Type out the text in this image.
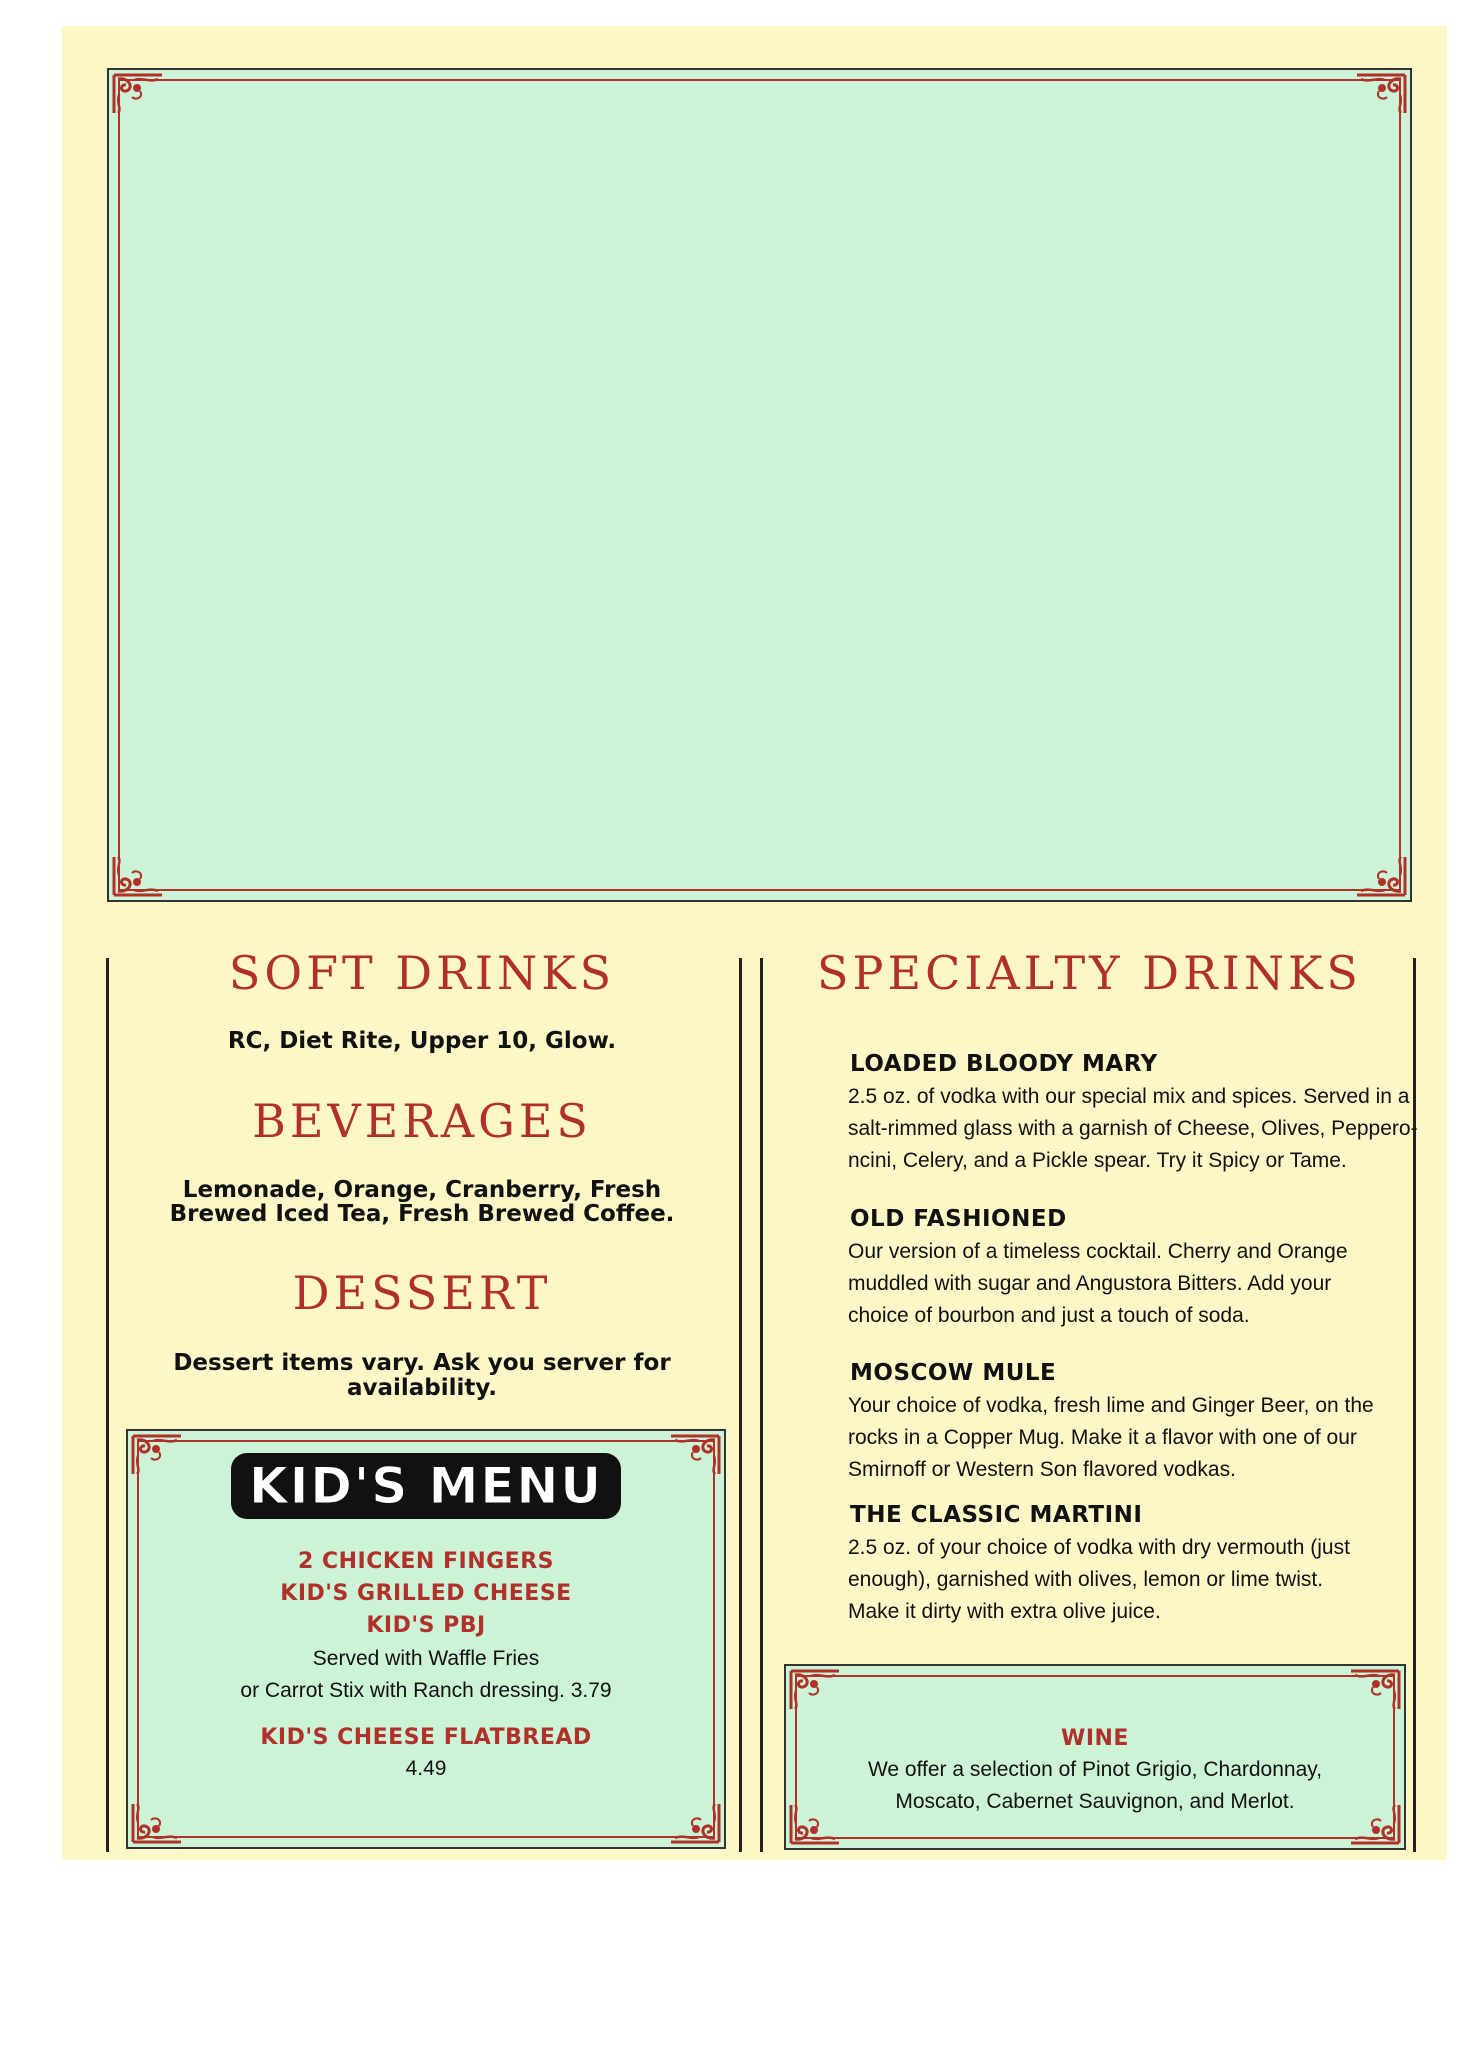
SOFT DRINKS
RC, Diet Rite, Upper 10, Glow.
BEVERAGES
Lemonade, Orange, Cranberry, Fresh
Brewed Iced Tea, Fresh Brewed Coffee.
DESSERT
Dessert items vary. Ask you server for
availability.
KID'S MENU
2 CHICKEN FINGERS
KID'S GRILLED CHEESE
KID'S PBJ
Served with Waffle Fries
or Carrot Stix with Ranch dressing. 3.79
KID'S CHEESE FLATBREAD
4.49
SPECIALTY DRINKS
LOADED BLOODY MARY
2.5 oz. of vodka with our special mix and spices. Served in a
salt-rimmed glass with a garnish of Cheese, Olives, Peppero-
ncini, Celery, and a Pickle spear. Try it Spicy or Tame.
OLD FASHIONED
Our version of a timeless cocktail. Cherry and Orange
muddled with sugar and Angustora Bitters. Add your
choice of bourbon and just a touch of soda.
MOSCOW MULE
Your choice of vodka, fresh lime and Ginger Beer, on the
rocks in a Copper Mug. Make it a flavor with one of our
Smirnoff or Western Son flavored vodkas.
THE CLASSIC MARTINI
2.5 oz. of your choice of vodka with dry vermouth (just
enough), garnished with olives, lemon or lime twist.
Make it dirty with extra olive juice.
WINE
We offer a selection of Pinot Grigio, Chardonnay,
Moscato, Cabernet Sauvignon, and Merlot.
